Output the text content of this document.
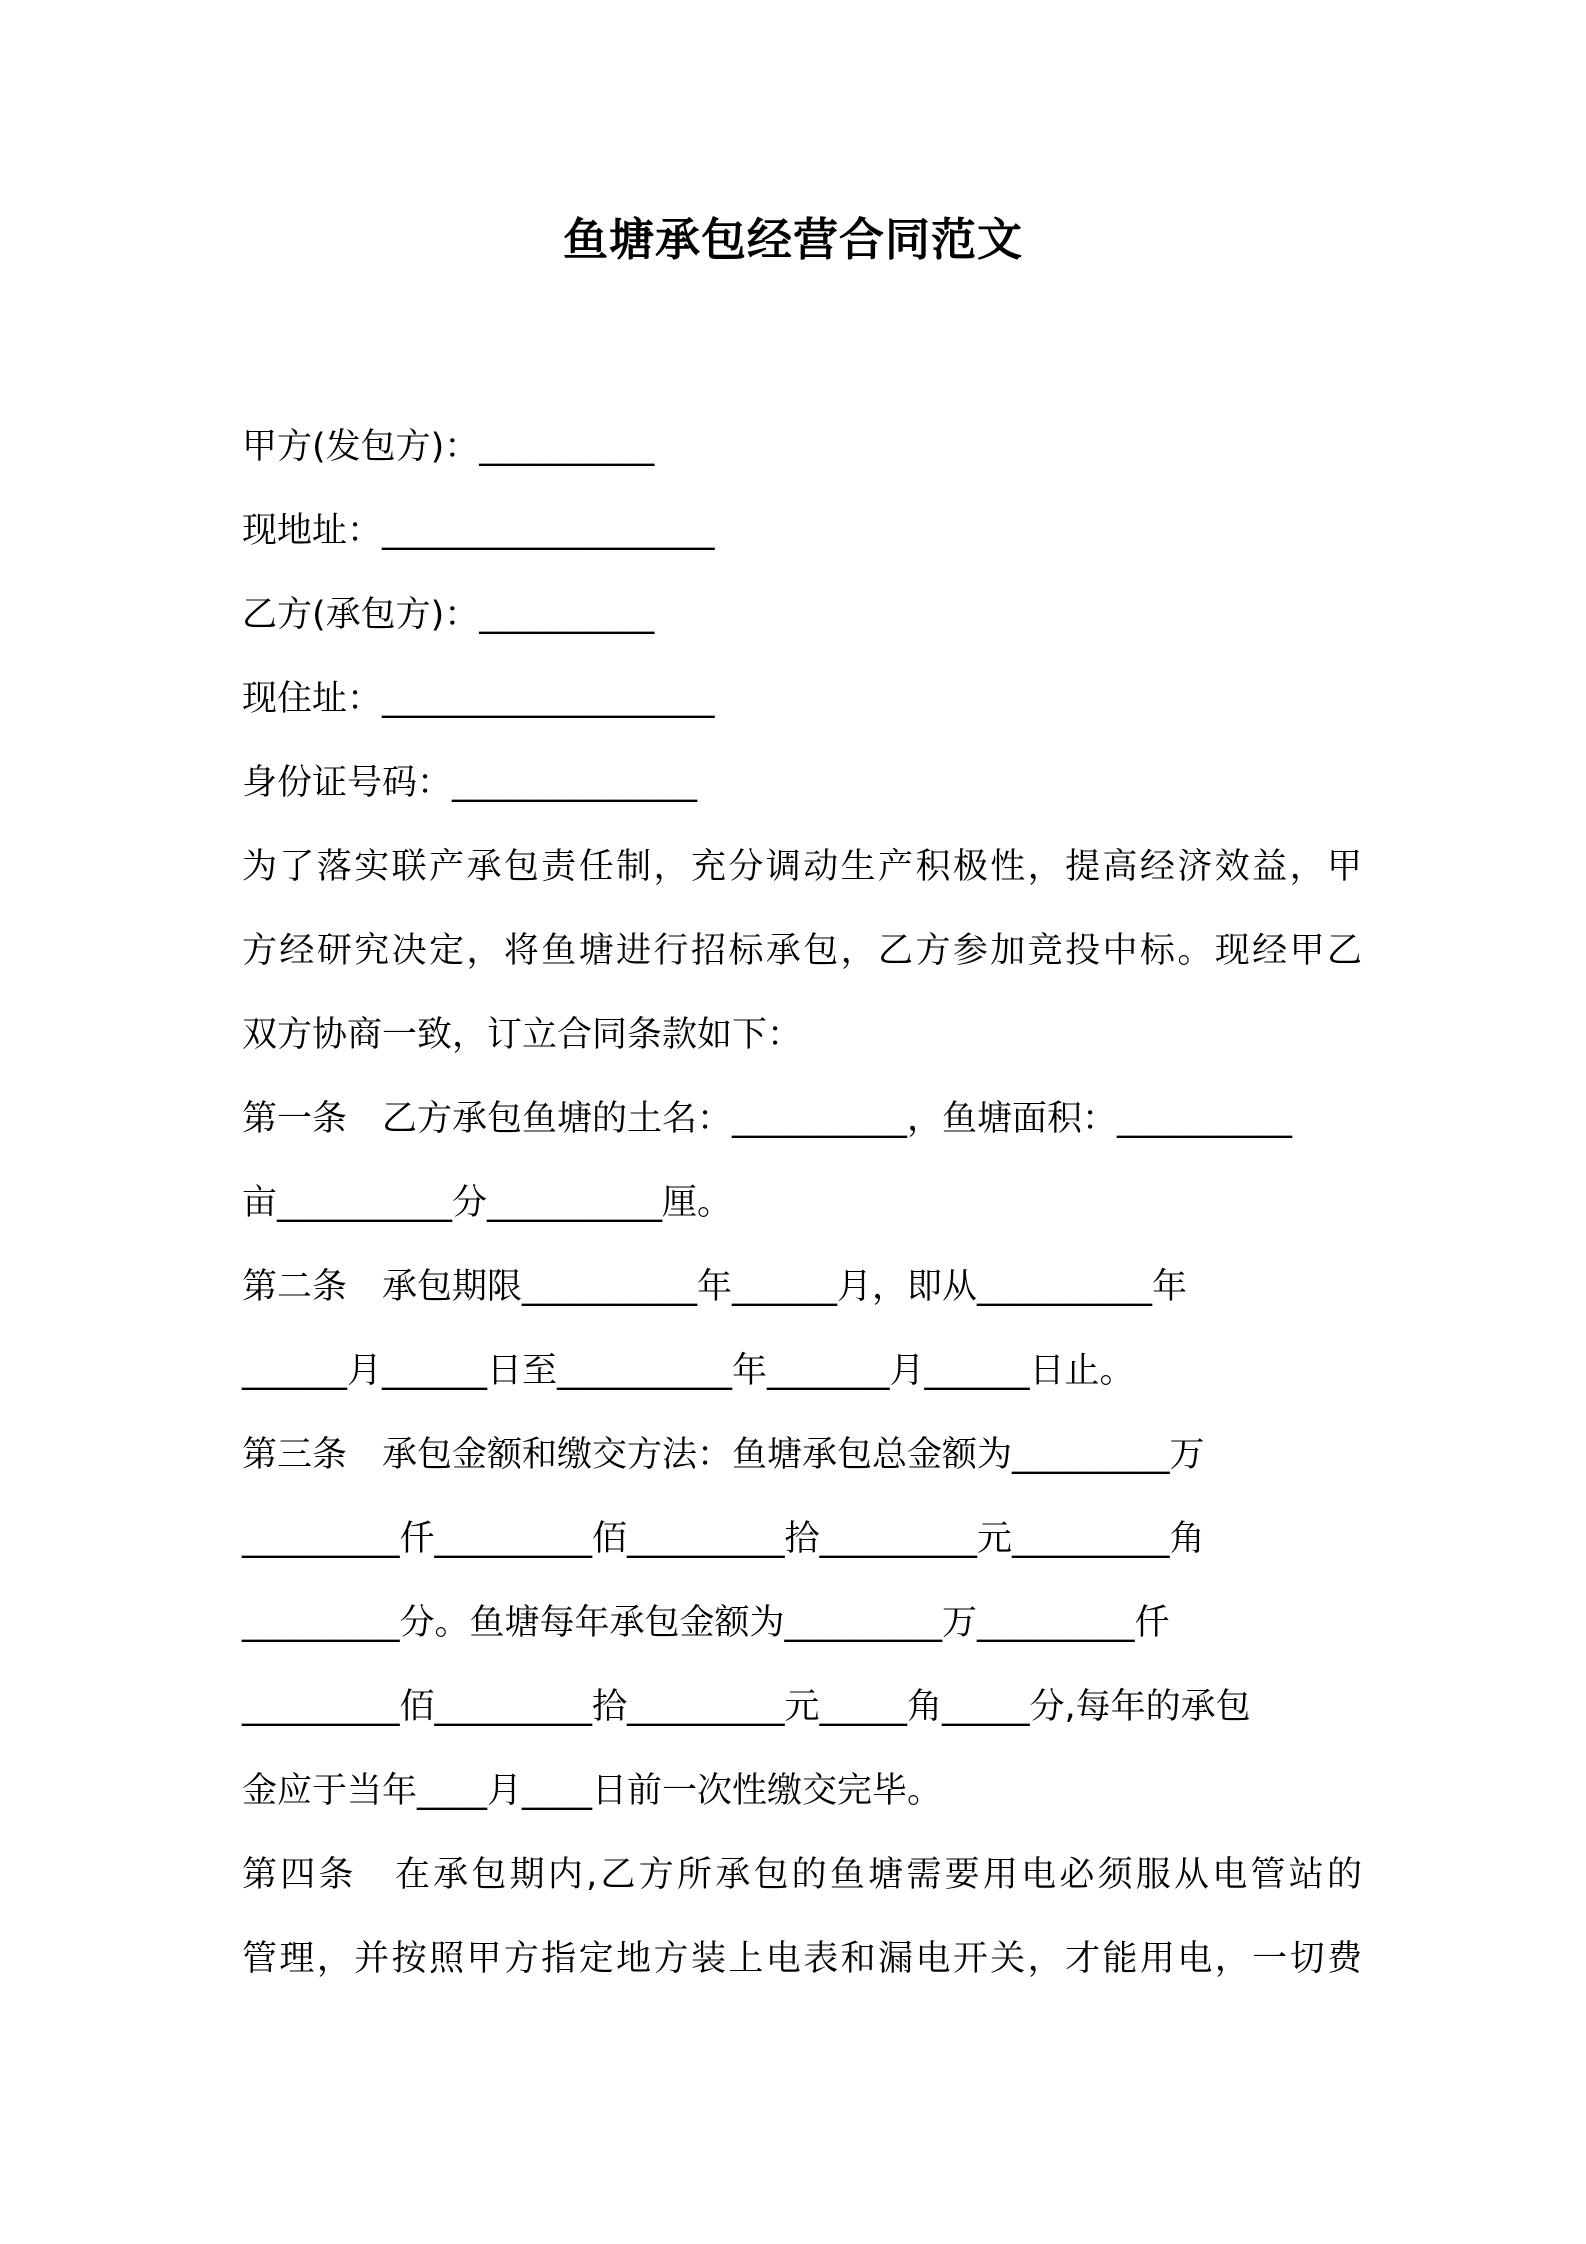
鱼塘承包经营合同范文

甲方(发包方)：__________

现地址：___________________

乙方(承包方)：__________

现住址：___________________

身份证号码：______________

为了落实联产承包责任制，充分调动生产积极性，提高经济效益，甲

方经研究决定，将鱼塘进行招标承包，乙方参加竞投中标。现经甲乙

双方协商一致，订立合同条款如下：

第一条　乙方承包鱼塘的土名：__________，鱼塘面积：__________

亩__________分__________厘。

第二条　承包期限__________年______月，即从__________年

______月______日至__________年_______月______日止。

第三条　承包金额和缴交方法：鱼塘承包总金额为_________万

_________仟_________佰_________拾_________元_________角

_________分。鱼塘每年承包金额为_________万_________仟

_________佰_________拾_________元_____角_____分,每年的承包

金应于当年____月____日前一次性缴交完毕。

第四条　在承包期内,乙方所承包的鱼塘需要用电必须服从电管站的

管理，并按照甲方指定地方装上电表和漏电开关，才能用电，一切费
